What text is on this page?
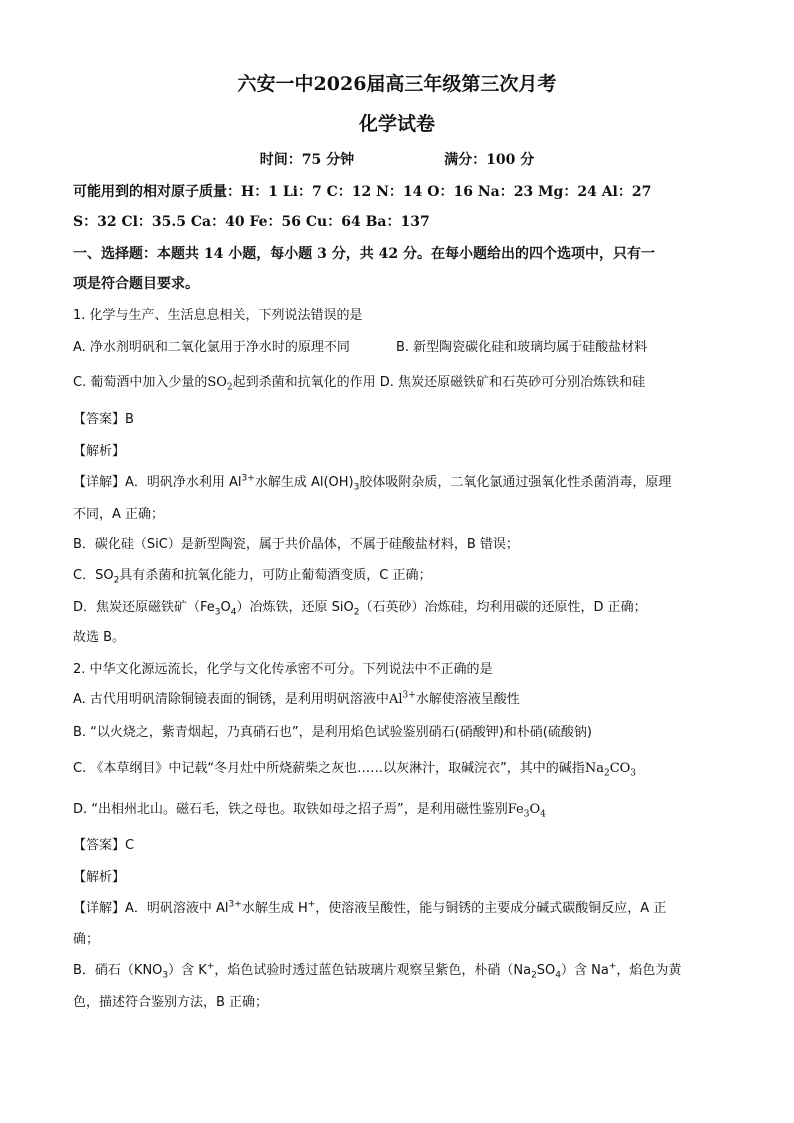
六安一中2026届高三年级第三次月考
化学试卷
时间：75 分钟	满分：100 分
可能用到的相对原子质量：H：1 Li：7 C：12 N：14 O：16 Na：23 Mg：24 Al：27
S：32 Cl：35.5 Ca：40 Fe：56 Cu：64 Ba：137
一、选择题：本题共 14 小题，每小题 3 分，共 42 分。在每小题给出的四个选项中，只有一
项是符合题目要求。
1. 化学与生产、生活息息相关，下列说法错误的是
A. 净水剂明矾和二氧化氯用于净水时的原理不同	B. 新型陶瓷碳化硅和玻璃均属于硅酸盐材料
C. 葡萄酒中加入少量的$SO_2$起到杀菌和抗氧化的作用 D. 焦炭还原磁铁矿和石英砂可分别冶炼铁和硅
【答案】B
【解析】
【详解】A．明矾净水利用 $Al^{3+}$水解生成 $Al(OH)_3$胶体吸附杂质，二氧化氯通过强氧化性杀菌消毒，原理
不同，A 正确；
B．碳化硅（SiC）是新型陶瓷，属于共价晶体，不属于硅酸盐材料，B 错误；
C．$SO_2$具有杀菌和抗氧化能力，可防止葡萄酒变质，C 正确；
D．焦炭还原磁铁矿$(Fe_3O_4)$冶炼铁，还原 SiO$_2$（石英砂）冶炼硅，均利用碳的还原性，D 正确；
故选 B。
2. 中华文化源远流长，化学与文化传承密不可分。下列说法中不正确的是
A. 古代用明矾清除铜镜表面的铜锈，是利用明矾溶液中$Al^{3+}$水解使溶液呈酸性
B. “以火烧之，紫青烟起，乃真硝石也”，是利用焰色试验鉴别硝石(硝酸钾)和朴硝(硫酸钠)
C. 《本草纲目》中记载“冬月灶中所烧薪柴之灰也……以灰淋汁，取碱浣衣”，其中的碱指$Na_2CO_3$
D. “出相州北山。磁石毛，铁之母也。取铁如母之招子焉”，是利用磁性鉴别$Fe_3O_4$
【答案】C
【解析】
【详解】A．明矾溶液中 $Al^{3+}$水解生成 H+，使溶液呈酸性，能与铜锈的主要成分碱式碳酸铜反应，A 正
确；
B．硝石$(KNO_3)$含 K+，焰色试验时透过蓝色钴玻璃片观察呈紫色，朴硝$(Na_2SO_4)$含 Na+，焰色为黄
色，描述符合鉴别方法，B 正确；
